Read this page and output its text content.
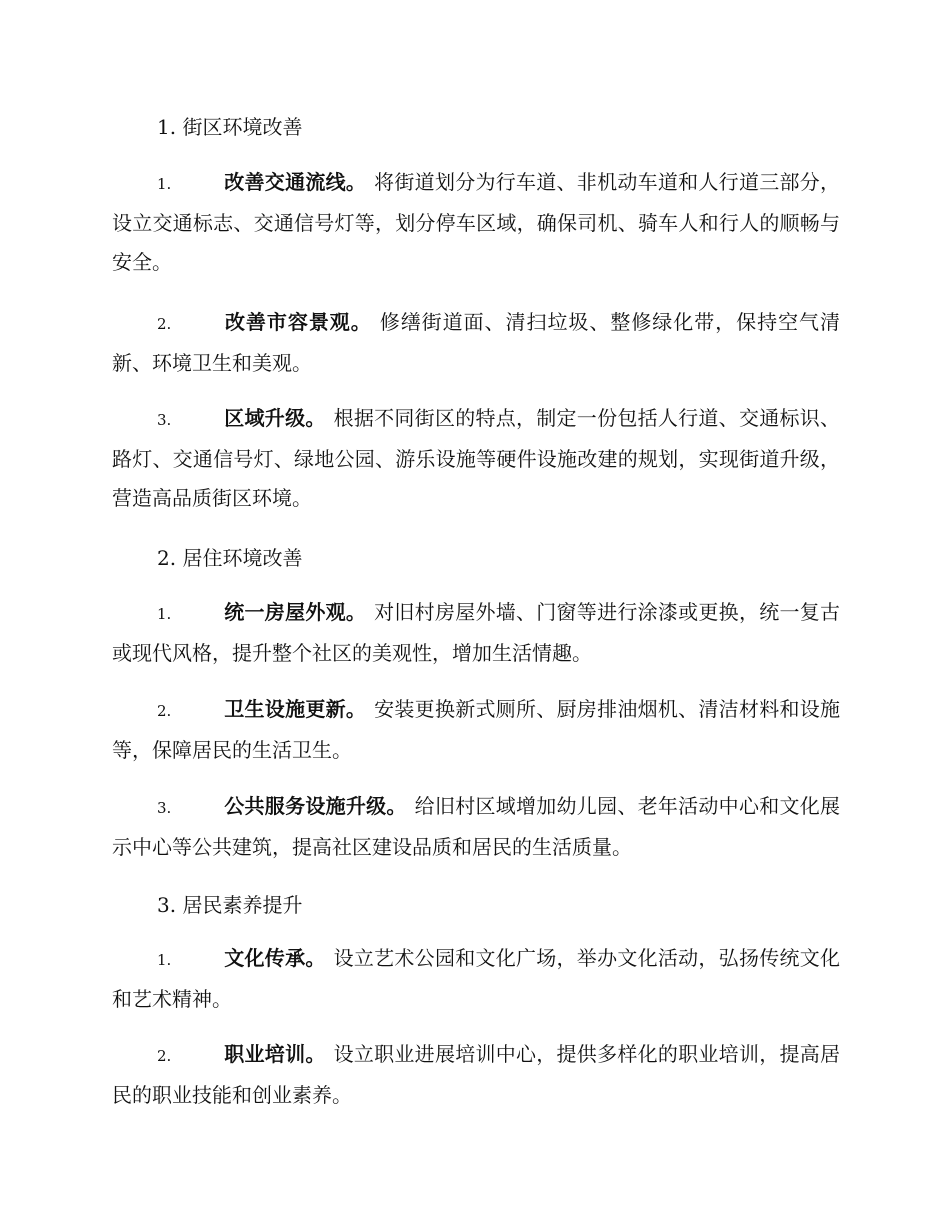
1. 街区环境改善
1.	改善交通流线。 将街道划分为行车道、非机动车道和人行道三部分，设立交通标志、交通信号灯等，划分停车区域，确保司机、骑车人和行人的顺畅与安全。
2.	改善市容景观。 修缮街道面、清扫垃圾、整修绿化带，保持空气清新、环境卫生和美观。
3.	区域升级。 根据不同街区的特点，制定一份包括人行道、交通标识、路灯、交通信号灯、绿地公园、游乐设施等硬件设施改建的规划，实现街道升级，营造高品质街区环境。
2. 居住环境改善
1.	统一房屋外观。 对旧村房屋外墙、门窗等进行涂漆或更换，统一复古或现代风格，提升整个社区的美观性，增加生活情趣。
2.	卫生设施更新。 安装更换新式厕所、厨房排油烟机、清洁材料和设施等，保障居民的生活卫生。
3.	公共服务设施升级。 给旧村区域增加幼儿园、老年活动中心和文化展示中心等公共建筑，提高社区建设品质和居民的生活质量。
3. 居民素养提升
1.	文化传承。 设立艺术公园和文化广场，举办文化活动，弘扬传统文化和艺术精神。
2.	职业培训。 设立职业进展培训中心，提供多样化的职业培训，提高居民的职业技能和创业素养。
